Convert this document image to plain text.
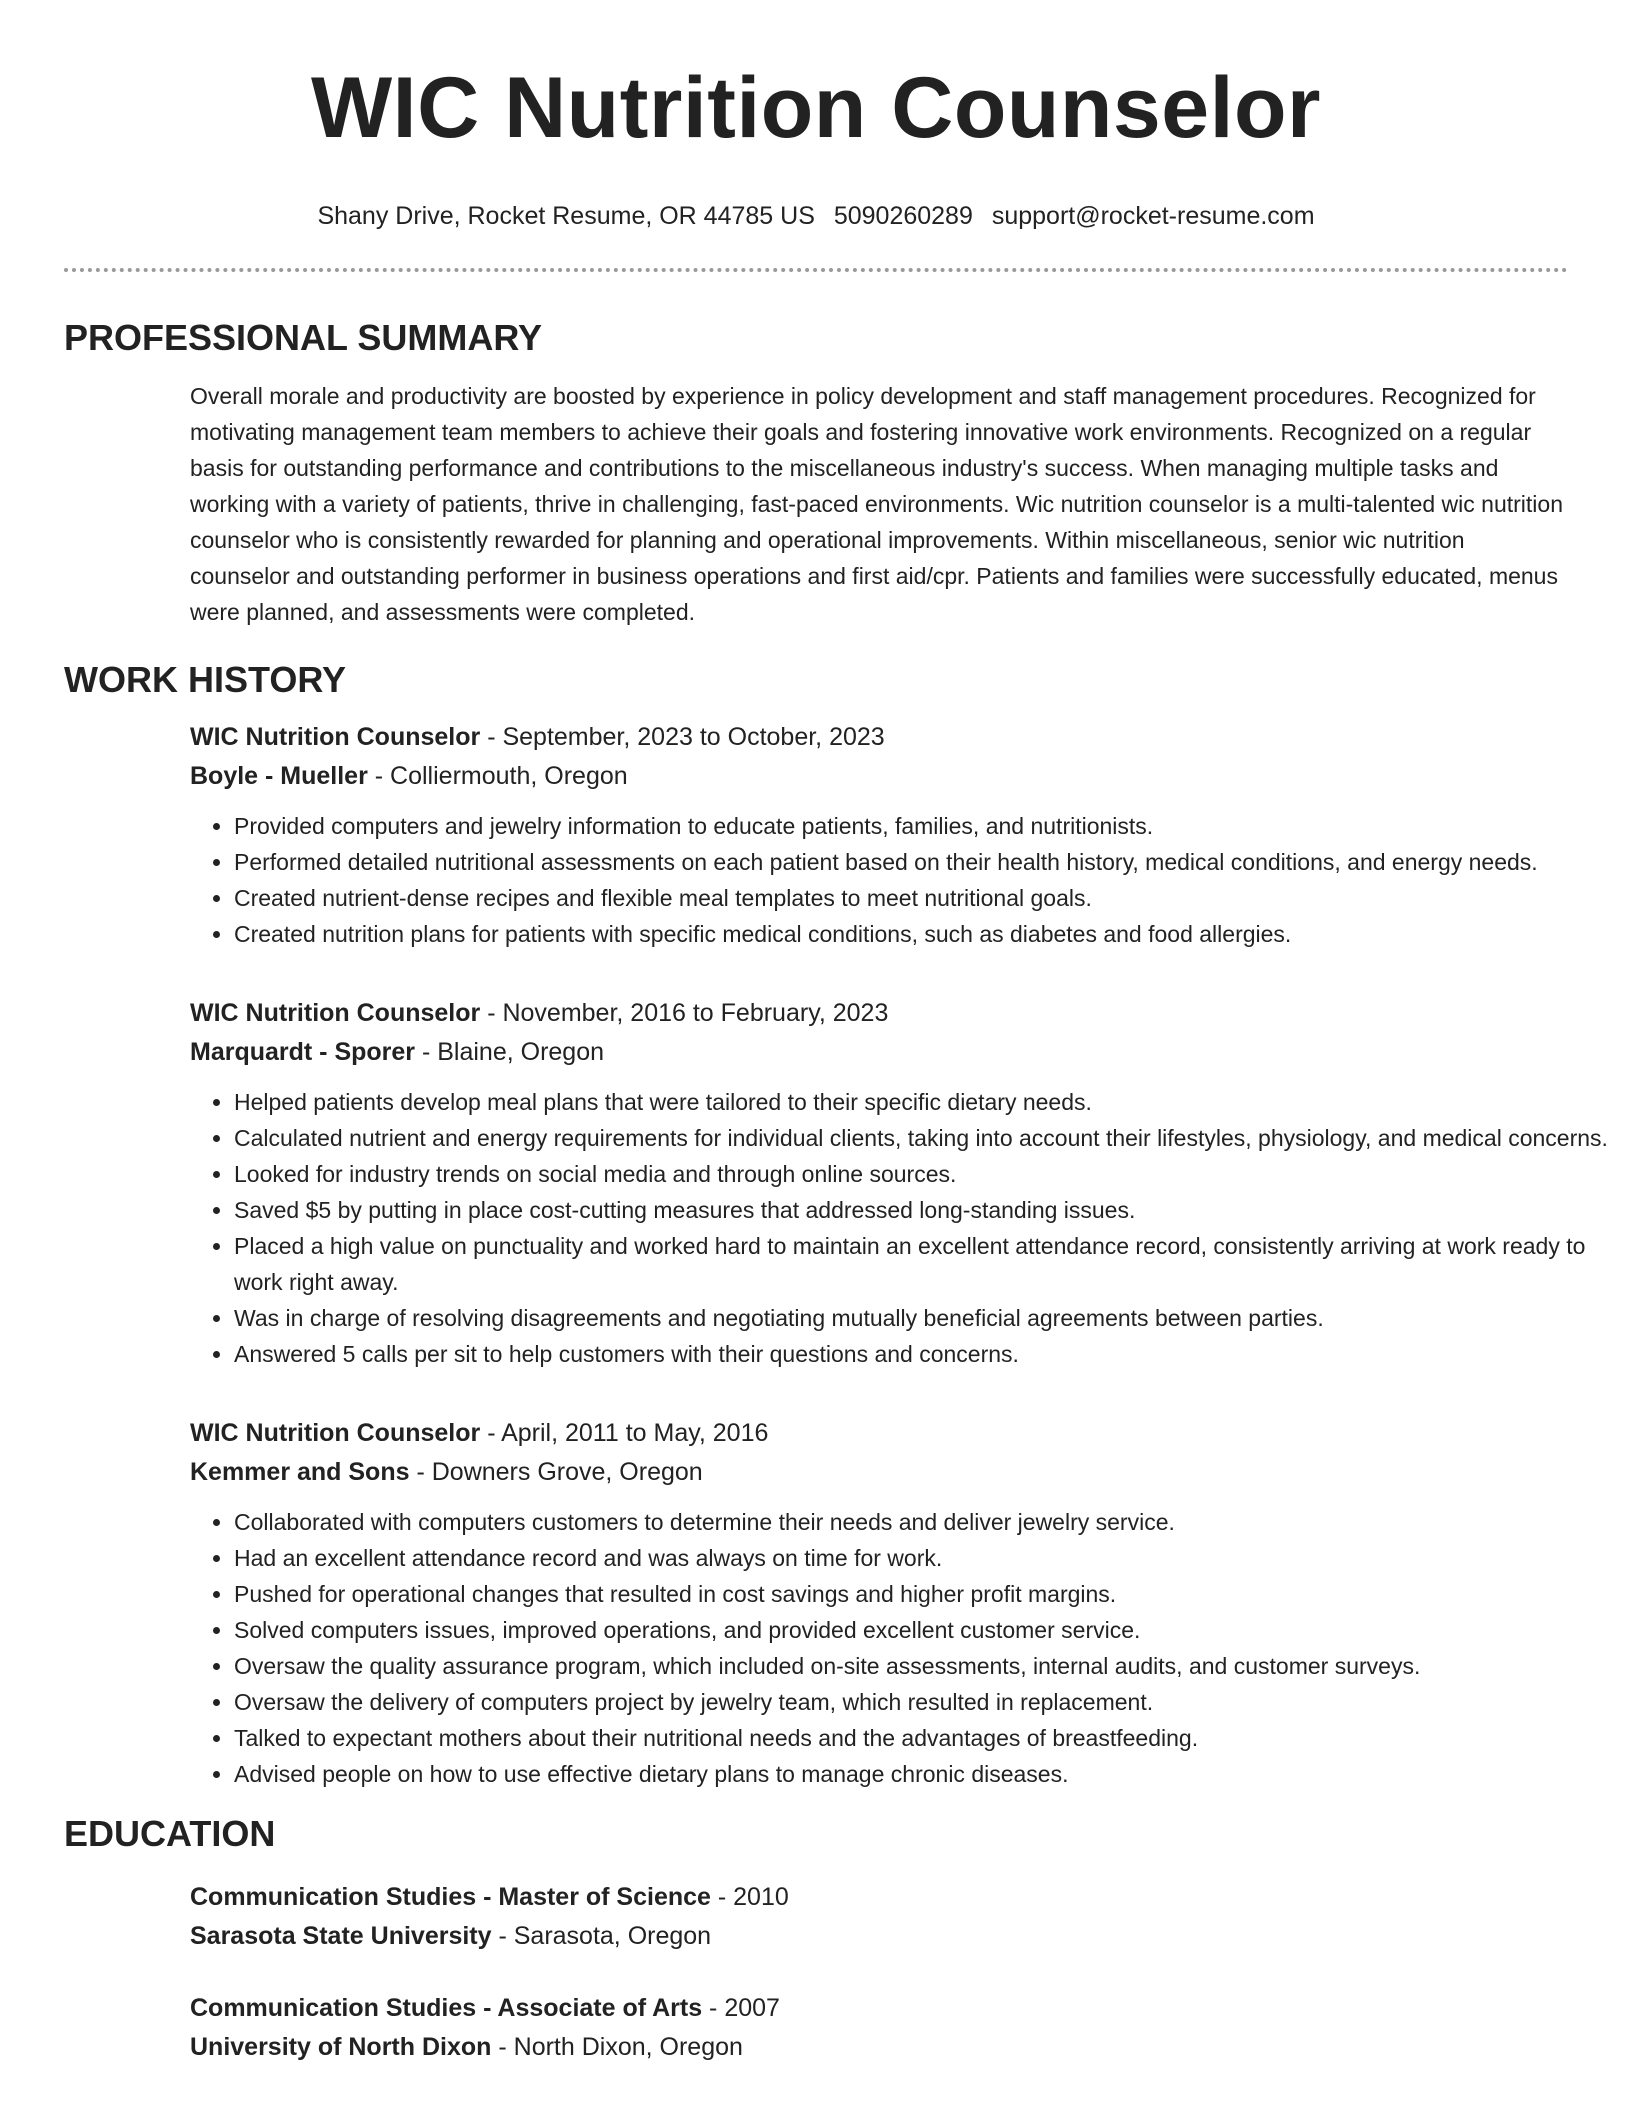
WIC Nutrition Counselor
Shany Drive, Rocket Resume, OR 44785 US 5090260289 support@rocket-resume.com
PROFESSIONAL SUMMARY
Overall morale and productivity are boosted by experience in policy development and staff management procedures. Recognized for motivating management team members to achieve their goals and fostering innovative work environments. Recognized on a regular basis for outstanding performance and contributions to the miscellaneous industry's success. When managing multiple tasks and working with a variety of patients, thrive in challenging, fast-paced environments. Wic nutrition counselor is a multi-talented wic nutrition counselor who is consistently rewarded for planning and operational improvements. Within miscellaneous, senior wic nutrition counselor and outstanding performer in business operations and first aid/cpr. Patients and families were successfully educated, menus were planned, and assessments were completed.
WORK HISTORY
WIC Nutrition Counselor - September, 2023 to October, 2023
Boyle - Mueller - Colliermouth, Oregon
• Provided computers and jewelry information to educate patients, families, and nutritionists.
• Performed detailed nutritional assessments on each patient based on their health history, medical conditions, and energy needs.
• Created nutrient-dense recipes and flexible meal templates to meet nutritional goals.
• Created nutrition plans for patients with specific medical conditions, such as diabetes and food allergies.
WIC Nutrition Counselor - November, 2016 to February, 2023
Marquardt - Sporer - Blaine, Oregon
• Helped patients develop meal plans that were tailored to their specific dietary needs.
• Calculated nutrient and energy requirements for individual clients, taking into account their lifestyles, physiology, and medical concerns.
• Looked for industry trends on social media and through online sources.
• Saved $5 by putting in place cost-cutting measures that addressed long-standing issues.
• Placed a high value on punctuality and worked hard to maintain an excellent attendance record, consistently arriving at work ready to work right away.
• Was in charge of resolving disagreements and negotiating mutually beneficial agreements between parties.
• Answered 5 calls per sit to help customers with their questions and concerns.
WIC Nutrition Counselor - April, 2011 to May, 2016
Kemmer and Sons - Downers Grove, Oregon
• Collaborated with computers customers to determine their needs and deliver jewelry service.
• Had an excellent attendance record and was always on time for work.
• Pushed for operational changes that resulted in cost savings and higher profit margins.
• Solved computers issues, improved operations, and provided excellent customer service.
• Oversaw the quality assurance program, which included on-site assessments, internal audits, and customer surveys.
• Oversaw the delivery of computers project by jewelry team, which resulted in replacement.
• Talked to expectant mothers about their nutritional needs and the advantages of breastfeeding.
• Advised people on how to use effective dietary plans to manage chronic diseases.
EDUCATION
Communication Studies - Master of Science - 2010
Sarasota State University - Sarasota, Oregon
Communication Studies - Associate of Arts - 2007
University of North Dixon - North Dixon, Oregon
